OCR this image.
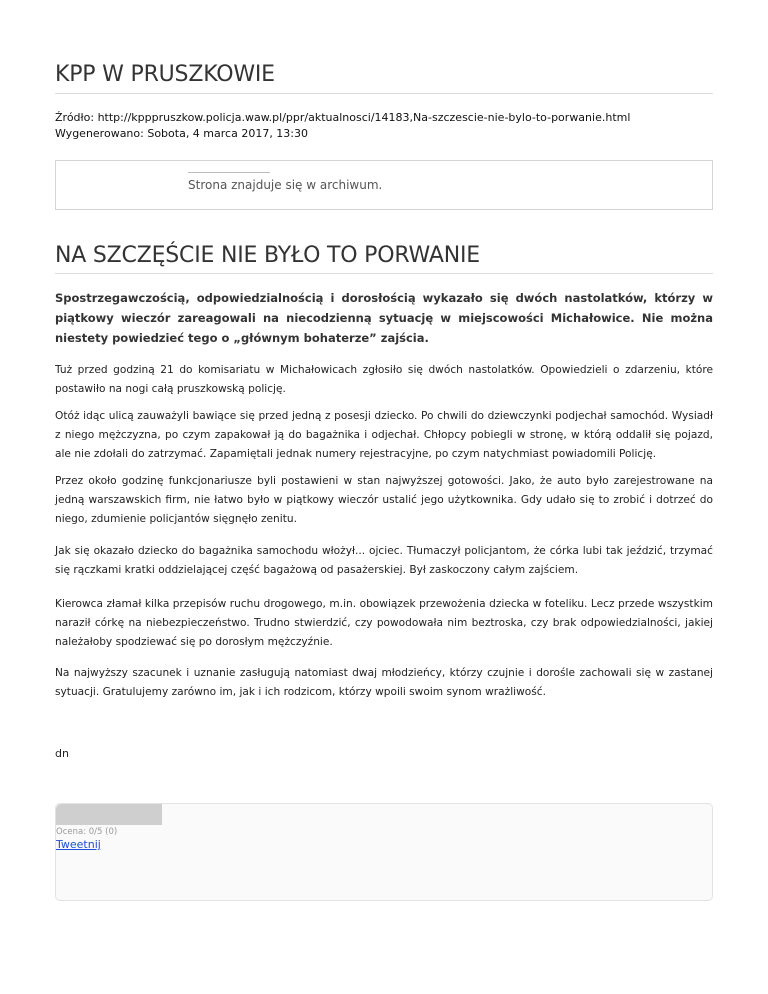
KPP W PRUSZKOWIE
Źródło: http://kpppruszkow.policja.waw.pl/ppr/aktualnosci/14183,Na-szczescie-nie-bylo-to-porwanie.html
Wygenerowano: Sobota, 4 marca 2017, 13:30
Strona znajduje się w archiwum.
NA SZCZĘŚCIE NIE BYŁO TO PORWANIE

Spostrzegawczością, odpowiedzialnością i dorosłością wykazało się dwóch nastolatków, którzy w piątkowy wieczór zareagowali na niecodzienną sytuację w miejscowości Michałowice. Nie można niestety powiedzieć tego o „głównym bohaterze” zajścia.

Tuż przed godziną 21 do komisariatu w Michałowicach zgłosiło się dwóch nastolatków. Opowiedzieli o zdarzeniu, które postawiło na nogi całą pruszkowską policję.

Otóż idąc ulicą zauważyli bawiące się przed jedną z posesji dziecko. Po chwili do dziewczynki podjechał samochód. Wysiadł z niego mężczyzna, po czym zapakował ją do bagażnika i odjechał. Chłopcy pobiegli w stronę, w którą oddalił się pojazd, ale nie zdołali do zatrzymać. Zapamiętali jednak numery rejestracyjne, po czym natychmiast powiadomili Policję.

Przez około godzinę funkcjonariusze byli postawieni w stan najwyższej gotowości. Jako, że auto było zarejestrowane na jedną warszawskich firm, nie łatwo było w piątkowy wieczór ustalić jego użytkownika. Gdy udało się to zrobić i dotrzeć do niego, zdumienie policjantów sięgnęło zenitu.

Jak się okazało dziecko do bagażnika samochodu włożył... ojciec. Tłumaczył policjantom, że córka lubi tak jeździć, trzymać się rączkami kratki oddzielającej część bagażową od pasażerskiej. Był zaskoczony całym zajściem.

Kierowca złamał kilka przepisów ruchu drogowego, m.in. obowiązek przewożenia dziecka w foteliku. Lecz przede wszystkim naraził córkę na niebezpieczeństwo. Trudno stwierdzić, czy powodowała nim beztroska, czy brak odpowiedzialności, jakiej należałoby spodziewać się po dorosłym mężczyźnie.

Na najwyższy szacunek i uznanie zasługują natomiast dwaj młodzieńcy, którzy czujnie i dorośle zachowali się w zastanej sytuacji. Gratulujemy zarówno im, jak i ich rodzicom, którzy wpoili swoim synom wrażliwość.

dn
Ocena: 0/5 (0)
Tweetnij
